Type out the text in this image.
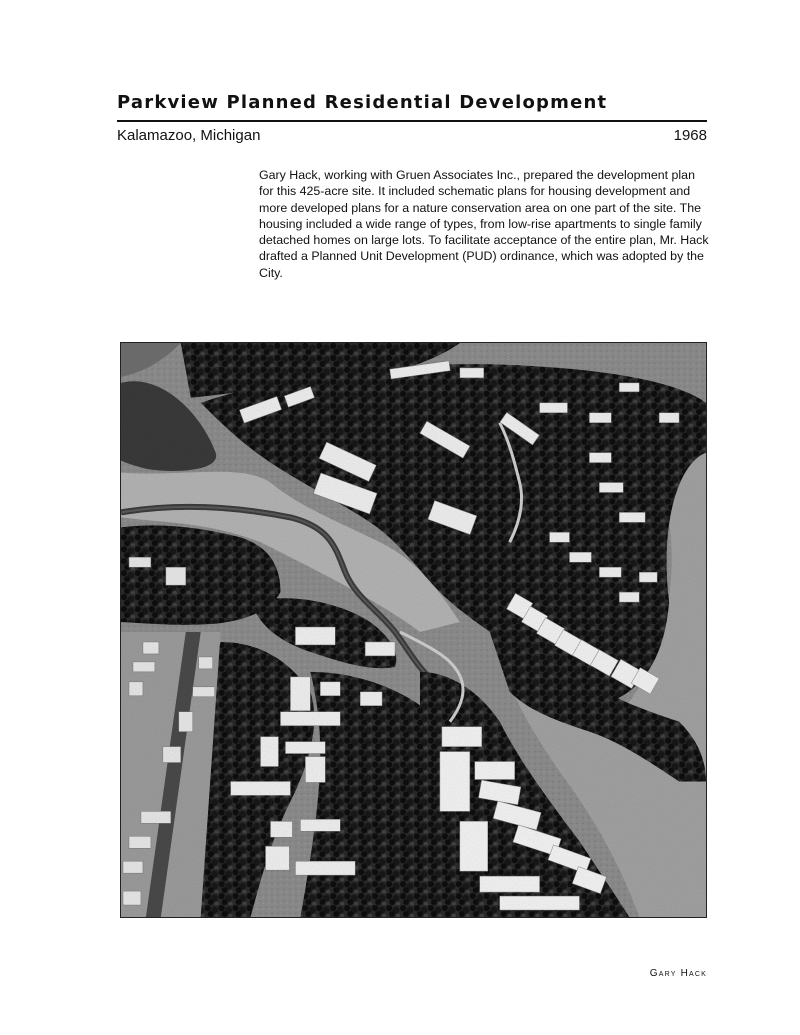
Parkview Planned Residential Development
Kalamazoo, Michigan	1968
Gary Hack, working with Gruen Associates Inc., prepared the development plan for this 425-acre site. It included schematic plans for housing development and more developed plans for a nature conservation area on one part of the site. The housing included a wide range of types, from low-rise apartments to single family detached homes on large lots. To facilitate acceptance of the entire plan, Mr. Hack drafted a Planned Unit Development (PUD) ordinance, which was adopted by the City.
Gary Hack
